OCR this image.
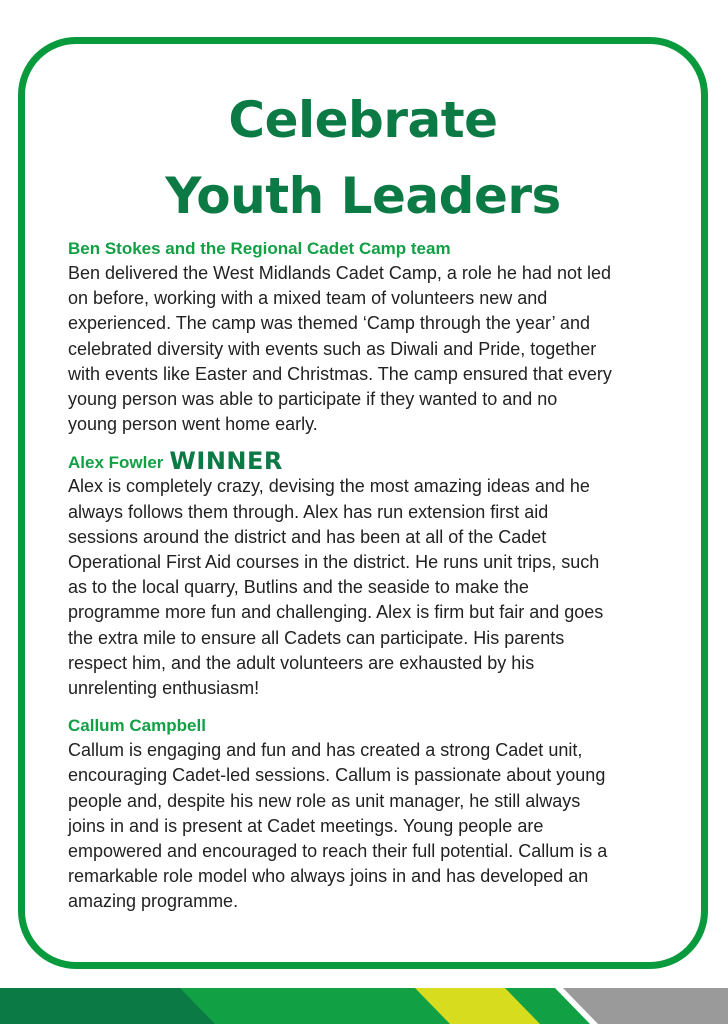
Celebrate
Youth Leaders
Ben Stokes and the Regional Cadet Camp team
Ben delivered the West Midlands Cadet Camp, a role he had not led
on before, working with a mixed team of volunteers new and
experienced. The camp was themed ‘Camp through the year’ and
celebrated diversity with events such as Diwali and Pride, together
with events like Easter and Christmas. The camp ensured that every
young person was able to participate if they wanted to and no
young person went home early.
Alex Fowler WINNER
Alex is completely crazy, devising the most amazing ideas and he
always follows them through. Alex has run extension first aid
sessions around the district and has been at all of the Cadet
Operational First Aid courses in the district. He runs unit trips, such
as to the local quarry, Butlins and the seaside to make the
programme more fun and challenging. Alex is firm but fair and goes
the extra mile to ensure all Cadets can participate. His parents
respect him, and the adult volunteers are exhausted by his
unrelenting enthusiasm!
Callum Campbell
Callum is engaging and fun and has created a strong Cadet unit,
encouraging Cadet-led sessions. Callum is passionate about young
people and, despite his new role as unit manager, he still always
joins in and is present at Cadet meetings. Young people are
empowered and encouraged to reach their full potential. Callum is a
remarkable role model who always joins in and has developed an
amazing programme.
